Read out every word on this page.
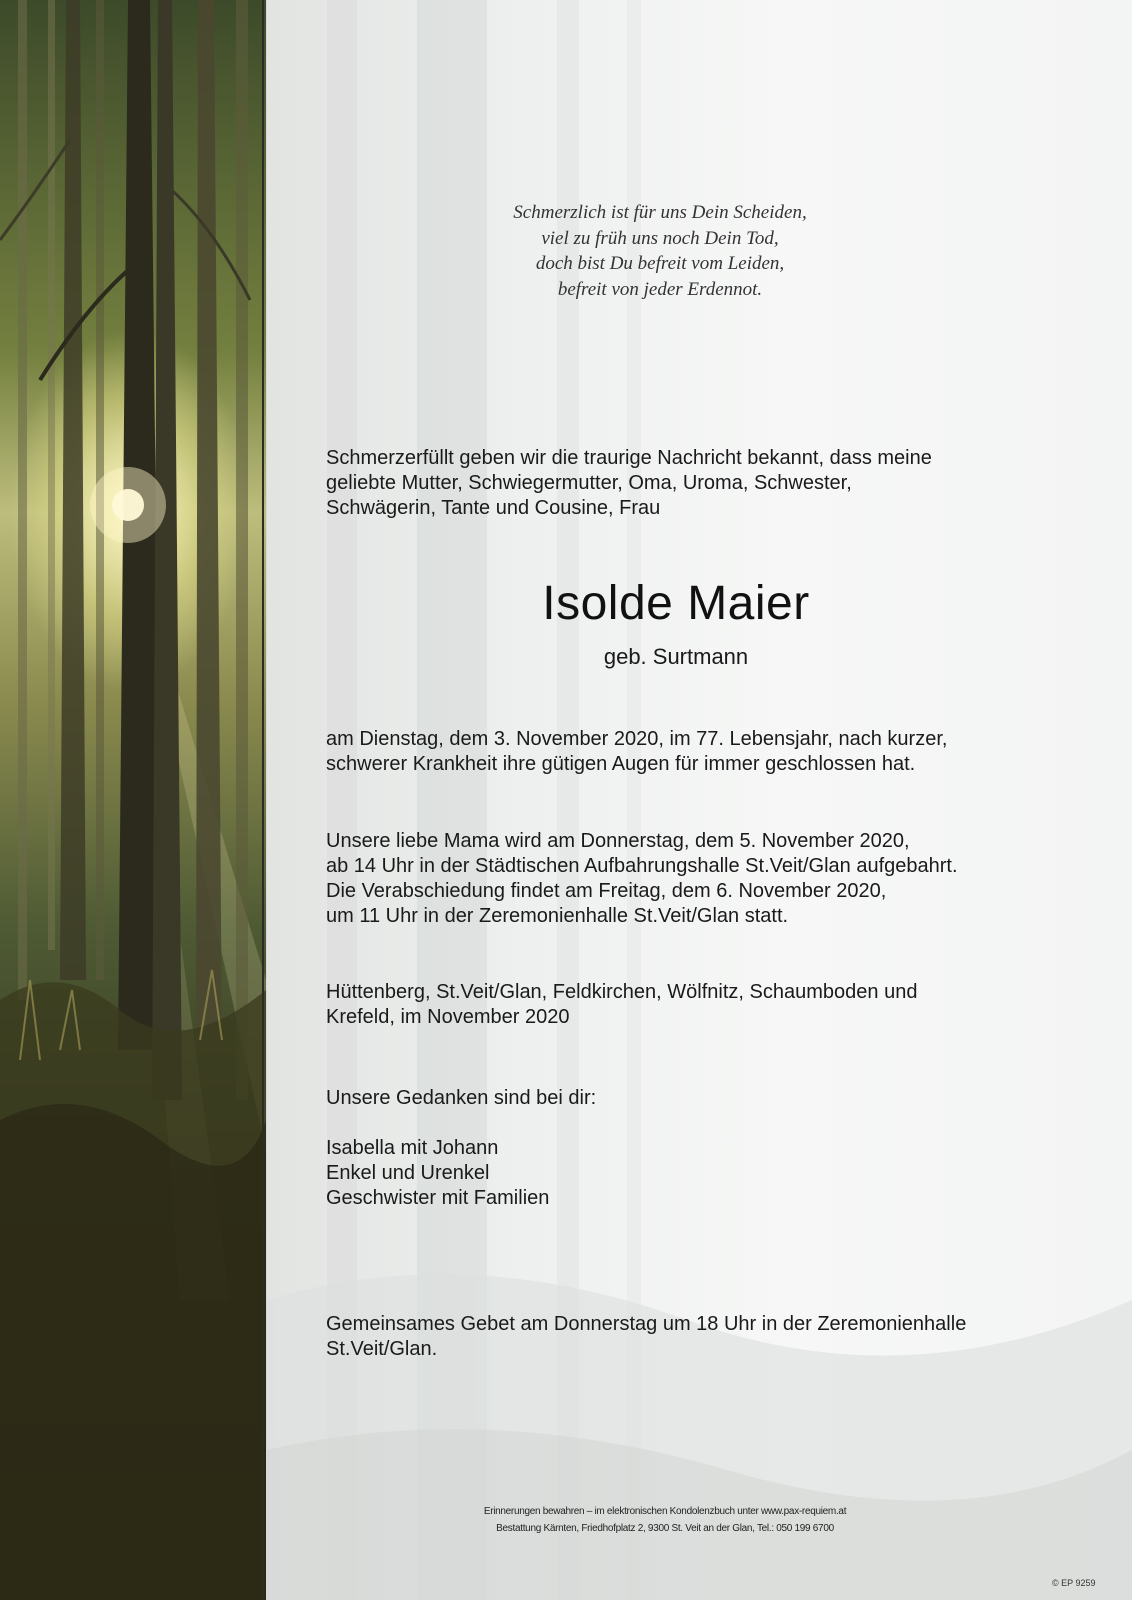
Schmerzlich ist für uns Dein Scheiden,
viel zu früh uns noch Dein Tod,
doch bist Du befreit vom Leiden,
befreit von jeder Erdennot.
Schmerzerfüllt geben wir die traurige Nachricht bekannt, dass meine
geliebte Mutter, Schwiegermutter, Oma, Uroma, Schwester,
Schwägerin, Tante und Cousine, Frau
Isolde Maier
geb. Surtmann
am Dienstag, dem 3. November 2020, im 77. Lebensjahr, nach kurzer,
schwerer Krankheit ihre gütigen Augen für immer geschlossen hat.
Unsere liebe Mama wird am Donnerstag, dem 5. November 2020,
ab 14 Uhr in der Städtischen Aufbahrungshalle St.Veit/Glan aufgebahrt.
Die Verabschiedung findet am Freitag, dem 6. November 2020,
um 11 Uhr in der Zeremonienhalle St.Veit/Glan statt.
Hüttenberg, St.Veit/Glan, Feldkirchen, Wölfnitz, Schaumboden und
Krefeld, im November 2020
Unsere Gedanken sind bei dir:
Isabella mit Johann
Enkel und Urenkel
Geschwister mit Familien
Gemeinsames Gebet am Donnerstag um 18 Uhr in der Zeremonienhalle
St.Veit/Glan.
Erinnerungen bewahren – im elektronischen Kondolenzbuch unter www.pax-requiem.at
Bestattung Kärnten, Friedhofplatz 2, 9300 St. Veit an der Glan, Tel.: 050 199 6700
© EP 9259
